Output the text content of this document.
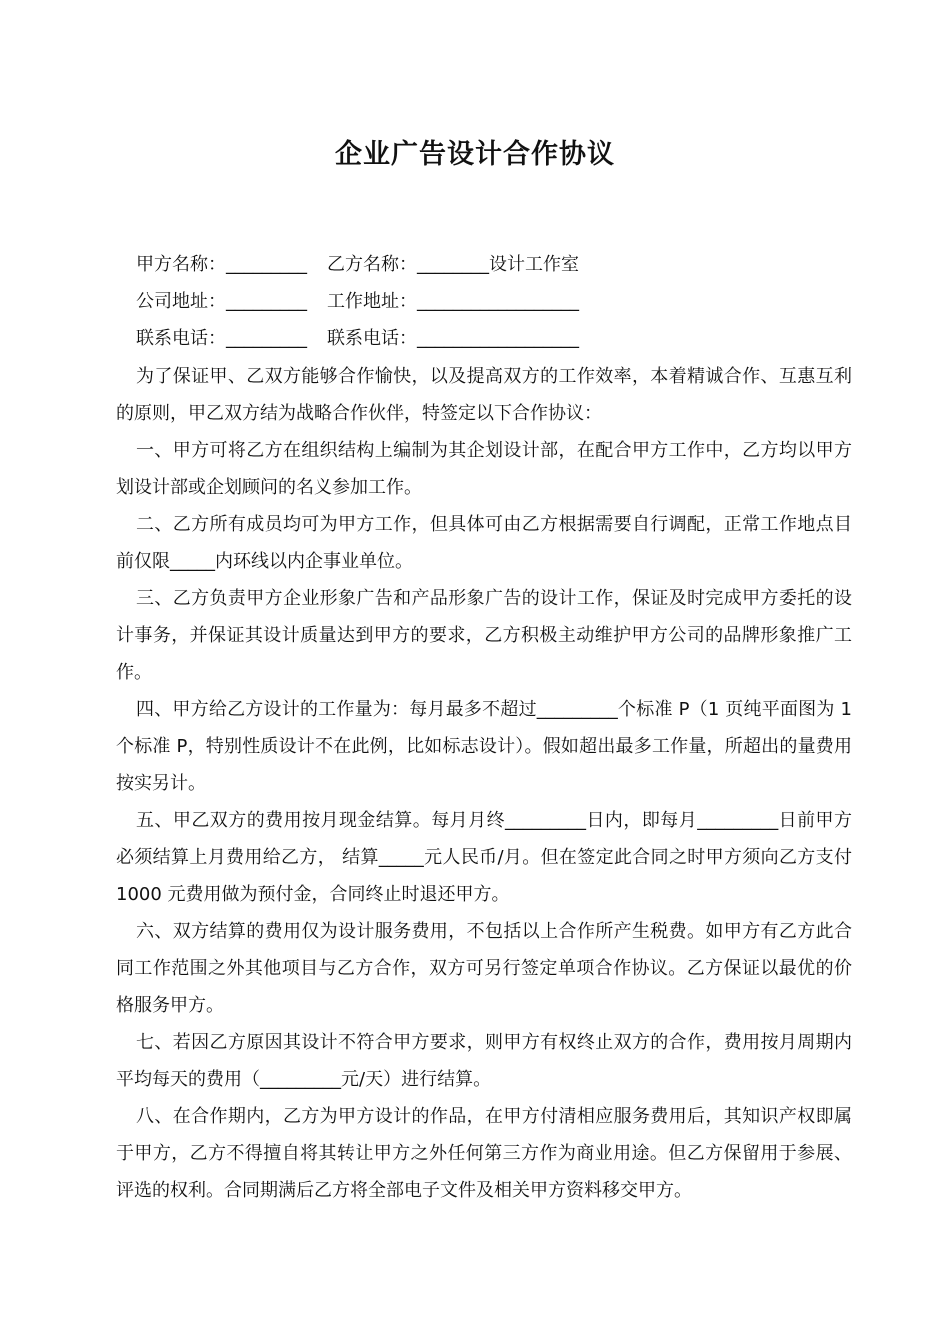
企业广告设计合作协议
甲方名称：_________	乙方名称：________设计工作室
公司地址：_________	工作地址：__________________
联系电话：_________	联系电话：__________________

为了保证甲、乙双方能够合作愉快，以及提高双方的工作效率，本着精诚合作、互惠互利的原则，甲乙双方结为战略合作伙伴，特签定以下合作协议：

一、甲方可将乙方在组织结构上编制为其企划设计部，在配合甲方工作中，乙方均以甲方划设计部或企划顾问的名义参加工作。

二、乙方所有成员均可为甲方工作，但具体可由乙方根据需要自行调配，正常工作地点目前仅限_____内环线以内企事业单位。

三、乙方负责甲方企业形象广告和产品形象广告的设计工作，保证及时完成甲方委托的设计事务，并保证其设计质量达到甲方的要求，乙方积极主动维护甲方公司的品牌形象推广工作。

四、甲方给乙方设计的工作量为：每月最多不超过_________个标准 P（1 页纯平面图为 1 个标准 P，特别性质设计不在此例，比如标志设计）。假如超出最多工作量，所超出的量费用按实另计。

五、甲乙双方的费用按月现金结算。每月月终_________日内，即每月_________日前甲方必须结算上月费用给乙方， 结算_____元人民币/月。但在签定此合同之时甲方须向乙方支付 1000 元费用做为预付金，合同终止时退还甲方。

六、双方结算的费用仅为设计服务费用，不包括以上合作所产生税费。如甲方有乙方此合同工作范围之外其他项目与乙方合作，双方可另行签定单项合作协议。乙方保证以最优的价格服务甲方。

七、若因乙方原因其设计不符合甲方要求，则甲方有权终止双方的合作，费用按月周期内平均每天的费用（_________元/天）进行结算。

八、在合作期内，乙方为甲方设计的作品，在甲方付清相应服务费用后，其知识产权即属于甲方，乙方不得擅自将其转让甲方之外任何第三方作为商业用途。但乙方保留用于参展、评选的权利。合同期满后乙方将全部电子文件及相关甲方资料移交甲方。
